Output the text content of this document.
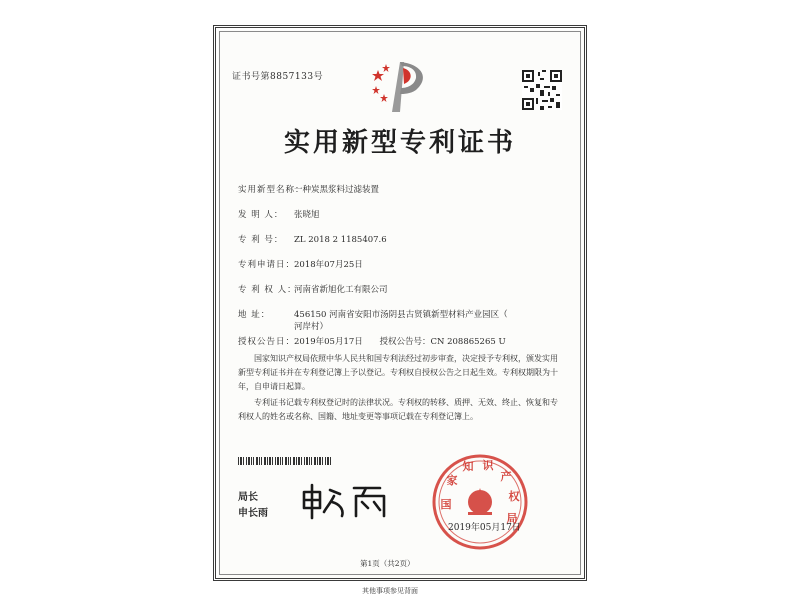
证书号第8857133号
实用新型专利证书
实用新型名称：一种炭黑浆料过滤装置
发 明 人： 张晓旭
专 利 号： ZL 2018 2 1185407.6
专利申请日：2018年07月25日
专 利 权 人：河南省新旭化工有限公司
地 址：	456150 河南省安阳市汤阴县古贤镇新型材料产业园区（
河岸村）
授权公告日：2019年05月17日 授权公告号：CN 208865265 U
国家知识产权局依照中华人民共和国专利法经过初步审查，决定授予专利权，颁发实用新型专利证书并在专利登记簿上予以登记。专利权自授权公告之日起生效。专利权期限为十年，自申请日起算。
专利证书记载专利权登记时的法律状况。专利权的转移、质押、无效、终止、恢复和专利权人的姓名或名称、国籍、地址变更等事项记载在专利登记簿上。
局长
申长雨
国
家
知 识
产
权
局
2019年05月17日
第1页（共2页）
其他事项参见背面
